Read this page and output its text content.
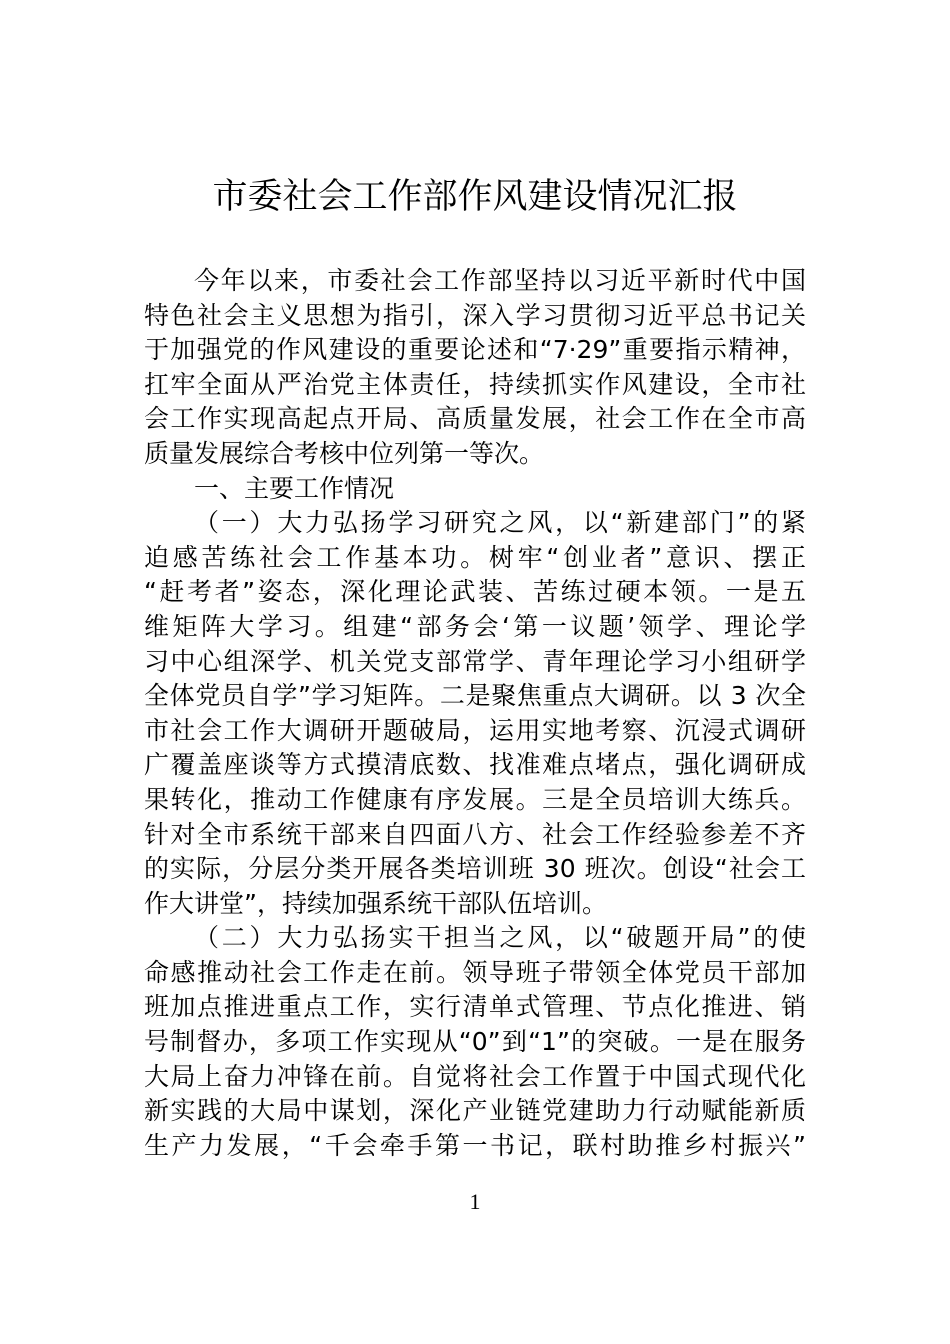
市委社会工作部作风建设情况汇报
今年以来，市委社会工作部坚持以习近平新时代中国
特色社会主义思想为指引，深入学习贯彻习近平总书记关
于加强党的作风建设的重要论述和“7·29”重要指示精神，
扛牢全面从严治党主体责任，持续抓实作风建设，全市社
会工作实现高起点开局、高质量发展，社会工作在全市高
质量发展综合考核中位列第一等次。
一、主要工作情况
（一）大力弘扬学习研究之风，以“新建部门”的紧
迫感苦练社会工作基本功。树牢“创业者”意识、摆正
“赶考者”姿态，深化理论武装、苦练过硬本领。一是五
维矩阵大学习。组建“部务会‘第一议题’领学、理论学
习中心组深学、机关党支部常学、青年理论学习小组研学
全体党员自学”学习矩阵。二是聚焦重点大调研。以 3 次全
市社会工作大调研开题破局，运用实地考察、沉浸式调研
广覆盖座谈等方式摸清底数、找准难点堵点，强化调研成
果转化，推动工作健康有序发展。三是全员培训大练兵。
针对全市系统干部来自四面八方、社会工作经验参差不齐
的实际，分层分类开展各类培训班 30 班次。创设“社会工
作大讲堂”，持续加强系统干部队伍培训。
（二）大力弘扬实干担当之风，以“破题开局”的使
命感推动社会工作走在前。领导班子带领全体党员干部加
班加点推进重点工作，实行清单式管理、节点化推进、销
号制督办，多项工作实现从“0”到“1”的突破。一是在服务
大局上奋力冲锋在前。自觉将社会工作置于中国式现代化
新实践的大局中谋划，深化产业链党建助力行动赋能新质
生产力发展，“千会牵手第一书记，联村助推乡村振兴”
1
